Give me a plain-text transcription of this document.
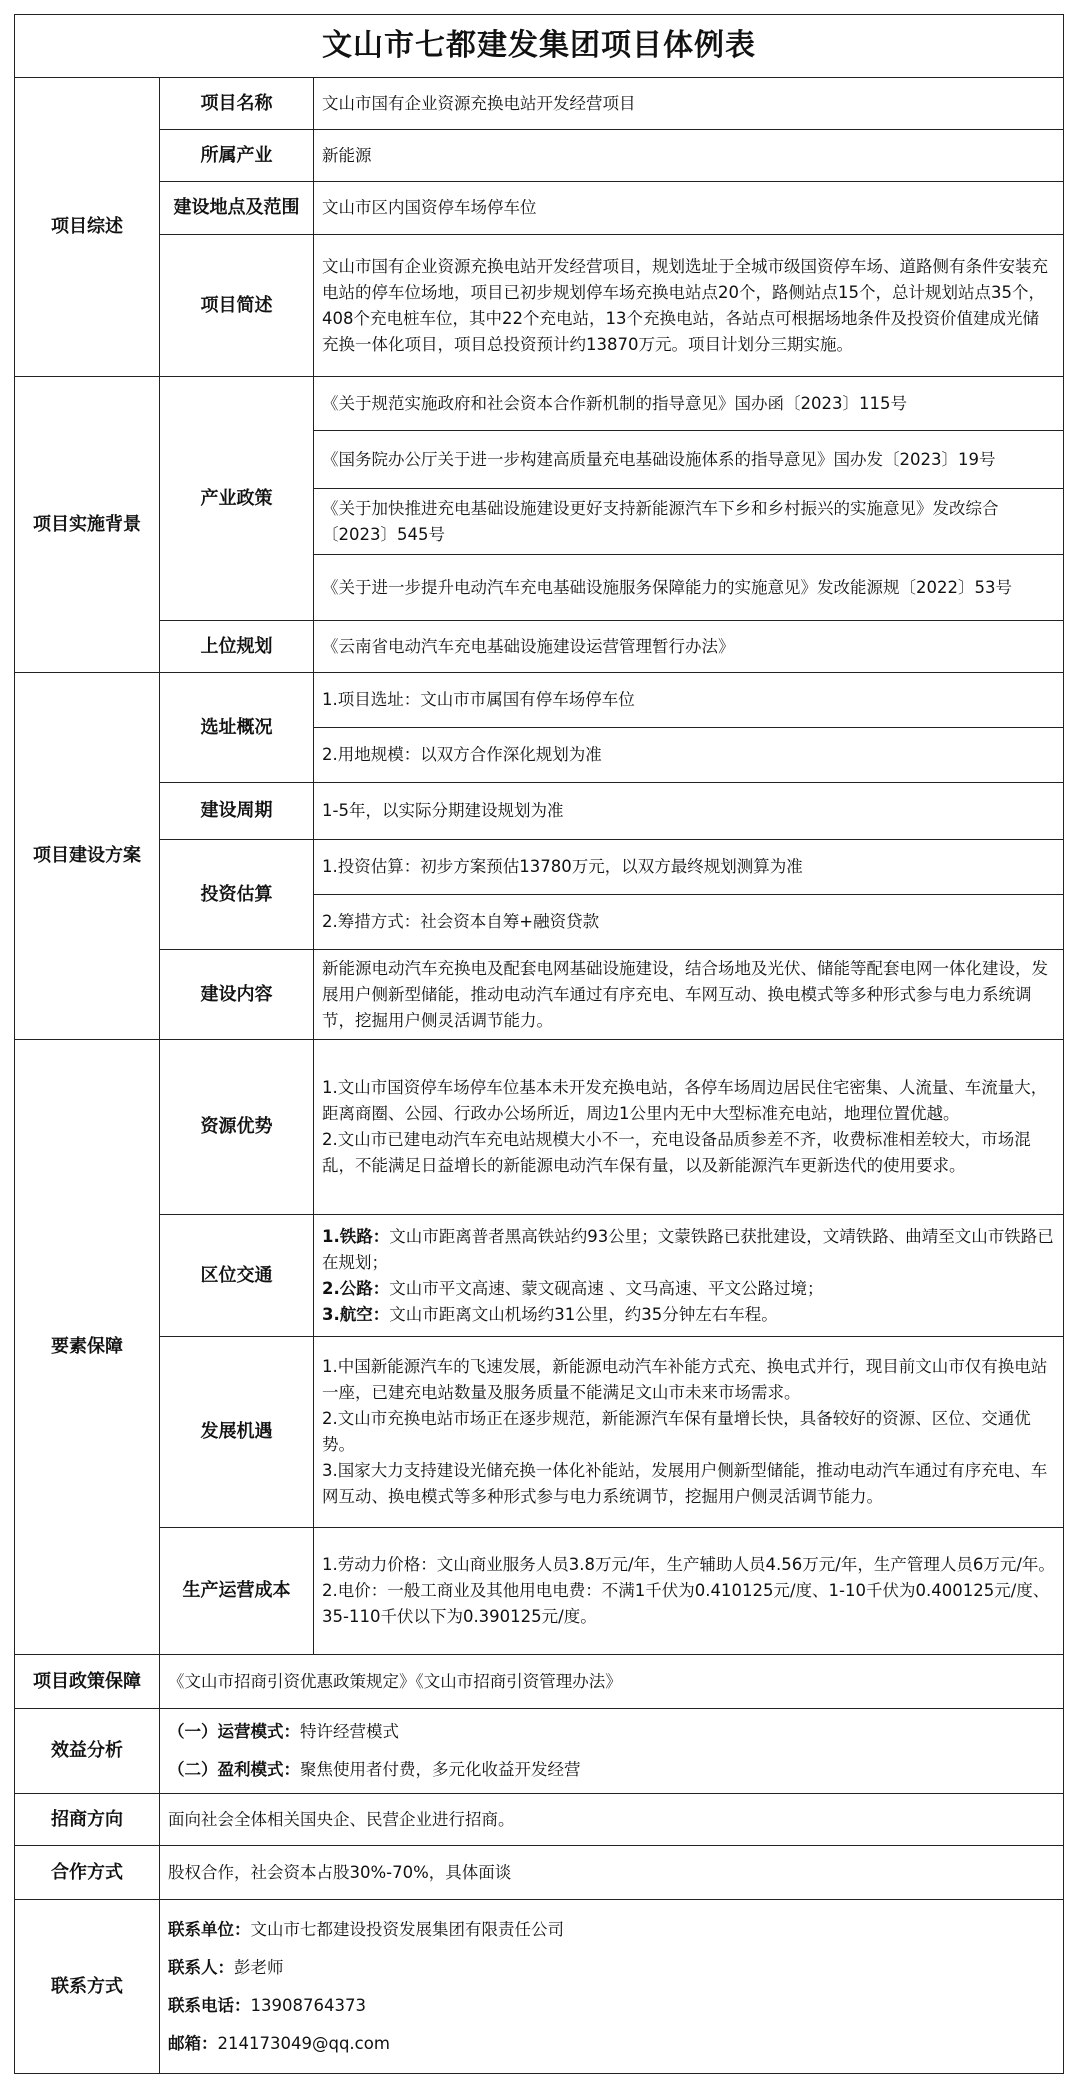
文山市七都建发集团项目体例表		
项目综述	项目名称	文山市国有企业资源充换电站开发经营项目
	所属产业	新能源
	建设地点及范围	文山市区内国资停车场停车位
	项目简述	文山市国有企业资源充换电站开发经营项目，规划选址于全城市级国资停车场、道路侧有条件安装充电站的停车位场地，项目已初步规划停车场充换电站点20个，路侧站点15个，总计规划站点35个，408个充电桩车位，其中22个充电站，13个充换电站，各站点可根据场地条件及投资价值建成光储充换一体化项目，项目总投资预计约13870万元。项目计划分三期实施。
项目实施背景	产业政策	《关于规范实施政府和社会资本合作新机制的指导意见》国办函〔2023〕115号
		《国务院办公厅关于进一步构建高质量充电基础设施体系的指导意见》国办发〔2023〕19号
		《关于加快推进充电基础设施建设更好支持新能源汽车下乡和乡村振兴的实施意见》发改综合〔2023〕545号
		《关于进一步提升电动汽车充电基础设施服务保障能力的实施意见》发改能源规〔2022〕53号
	上位规划	《云南省电动汽车充电基础设施建设运营管理暂行办法》
项目建设方案	选址概况	1.项目选址：文山市市属国有停车场停车位
		2.用地规模：以双方合作深化规划为准
	建设周期	1-5年，以实际分期建设规划为准
	投资估算	1.投资估算：初步方案预估13780万元，以双方最终规划测算为准
		2.筹措方式：社会资本自筹+融资贷款
	建设内容	新能源电动汽车充换电及配套电网基础设施建设，结合场地及光伏、储能等配套电网一体化建设，发展用户侧新型储能，推动电动汽车通过有序充电、车网互动、换电模式等多种形式参与电力系统调节，挖掘用户侧灵活调节能力。
要素保障	资源优势	1.文山市国资停车场停车位基本未开发充换电站，各停车场周边居民住宅密集、人流量、车流量大，距离商圈、公园、行政办公场所近，周边1公里内无中大型标准充电站，地理位置优越。
2.文山市已建电动汽车充电站规模大小不一，充电设备品质参差不齐，收费标准相差较大，市场混乱，不能满足日益增长的新能源电动汽车保有量，以及新能源汽车更新迭代的使用要求。

	区位交通	1.铁路：文山市距离普者黑高铁站约93公里；文蒙铁路已获批建设，文靖铁路、曲靖至文山市铁路已在规划；
2.公路：文山市平文高速、蒙文砚高速 、文马高速、平文公路过境；
3.航空：文山市距离文山机场约31公里，约35分钟左右车程。

	发展机遇	1.中国新能源汽车的飞速发展，新能源电动汽车补能方式充、换电式并行，现目前文山市仅有换电站一座，已建充电站数量及服务质量不能满足文山市未来市场需求。
2.文山市充换电站市场正在逐步规范，新能源汽车保有量增长快，具备较好的资源、区位、交通优势。
3.国家大力支持建设光储充换一体化补能站，发展用户侧新型储能，推动电动汽车通过有序充电、车网互动、换电模式等多种形式参与电力系统调节，挖掘用户侧灵活调节能力。

	生产运营成本	1.劳动力价格：文山商业服务人员3.8万元/年，生产辅助人员4.56万元/年，生产管理人员6万元/年。
2.电价：一般工商业及其他用电电费：不满1千伏为0.410125元/度、1-10千伏为0.400125元/度、35-110千伏以下为0.390125元/度。

项目政策保障	《文山市招商引资优惠政策规定》《文山市招商引资管理办法》	
效益分析	（一）运营模式：特许经营模式
（二）盈利模式：聚焦使用者付费，多元化收益开发经营	

招商方向	面向社会全体相关国央企、民营企业进行招商。	
合作方式	股权合作，社会资本占股30%-70%，具体面谈	
联系方式	联系单位：文山市七都建设投资发展集团有限责任公司
联系人：彭老师
联系电话：13908764373
邮箱：214173049@qq.com	
